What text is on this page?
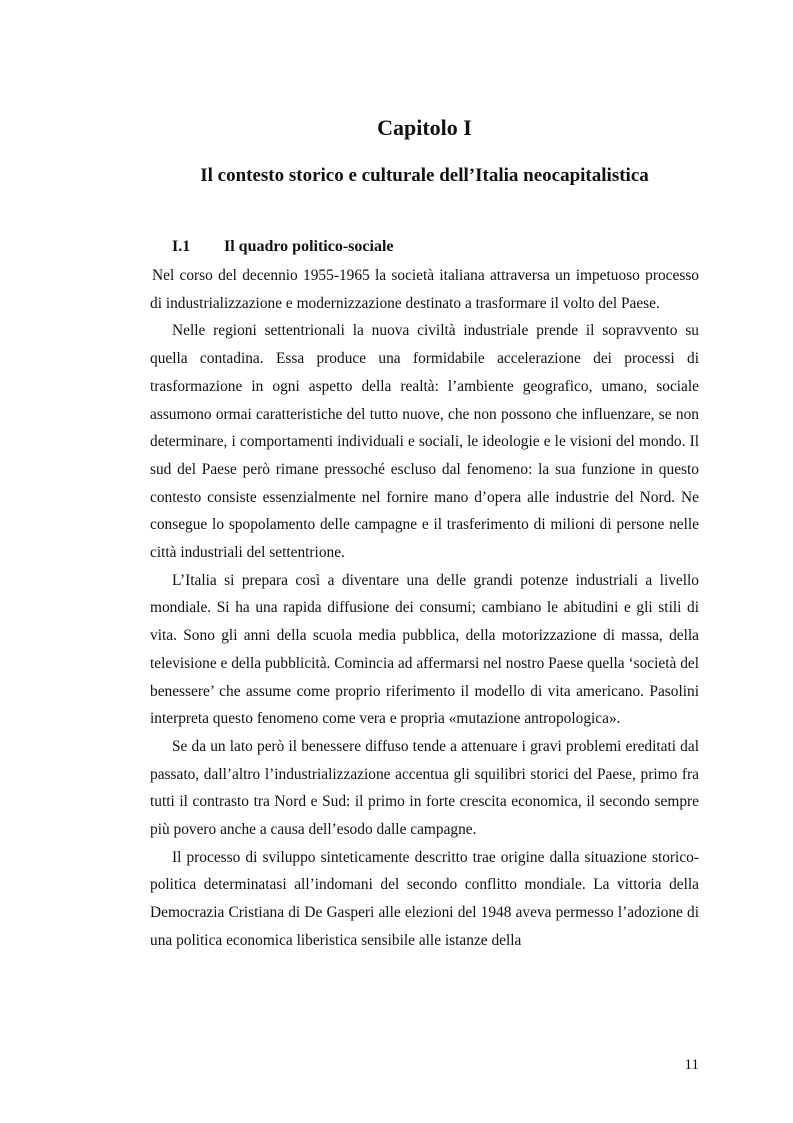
Capitolo I
Il contesto storico e culturale dell’Italia neocapitalistica
I.1 Il quadro politico-sociale

Nel corso del decennio 1955-1965 la società italiana attraversa un impetuoso processo di industrializzazione e modernizzazione destinato a trasformare il volto del Paese.

Nelle regioni settentrionali la nuova civiltà industriale prende il sopravvento su quella contadina. Essa produce una formidabile accelerazione dei processi di trasformazione in ogni aspetto della realtà: l’ambiente geografico, umano, sociale assumono ormai caratteristiche del tutto nuove, che non possono che influenzare, se non determinare, i comportamenti individuali e sociali, le ideologie e le visioni del mondo. Il sud del Paese però rimane pressoché escluso dal fenomeno: la sua funzione in questo contesto consiste essenzialmente nel fornire mano d’opera alle industrie del Nord. Ne consegue lo spopolamento delle campagne e il trasferimento di milioni di persone nelle città industriali del settentrione.

L’Italia si prepara così a diventare una delle grandi potenze industriali a livello mondiale. Si ha una rapida diffusione dei consumi; cambiano le abitudini e gli stili di vita. Sono gli anni della scuola media pubblica, della motorizzazione di massa, della televisione e della pubblicità. Comincia ad affermarsi nel nostro Paese quella ‘società del benessere’ che assume come proprio riferimento il modello di vita americano. Pasolini interpreta questo fenomeno come vera e propria «mutazione antropologica».

Se da un lato però il benessere diffuso tende a attenuare i gravi problemi ereditati dal passato, dall’altro l’industrializzazione accentua gli squilibri storici del Paese, primo fra tutti il contrasto tra Nord e Sud: il primo in forte crescita economica, il secondo sempre più povero anche a causa dell’esodo dalle campagne.

Il processo di sviluppo sinteticamente descritto trae origine dalla situazione storico-politica determinatasi all’indomani del secondo conflitto mondiale. La vittoria della Democrazia Cristiana di De Gasperi alle elezioni del 1948 aveva permesso l’adozione di una politica economica liberistica sensibile alle istanze della

11
